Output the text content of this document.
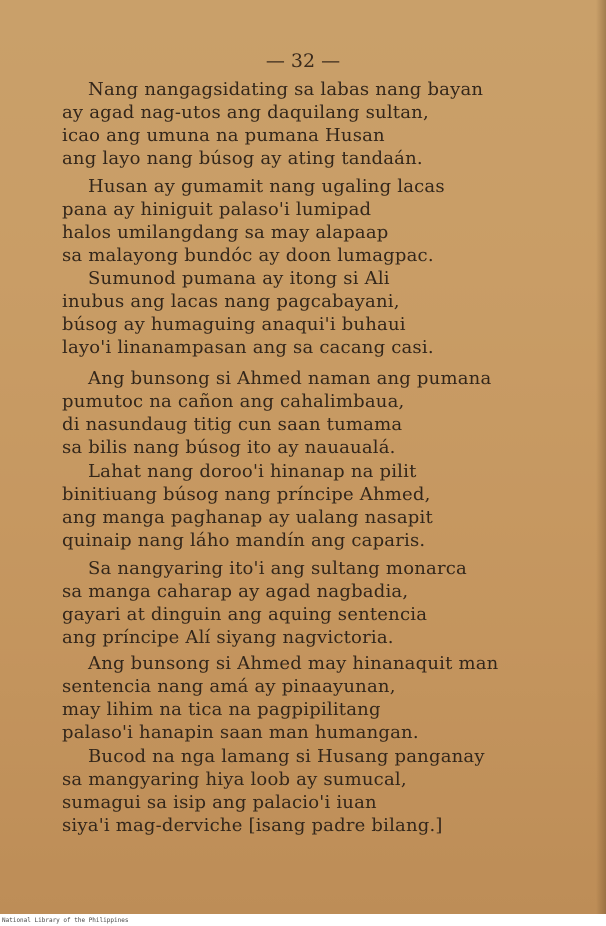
— 32 —
Nang nangagsidating sa labas nang bayan
ay agad nag-utos ang daquilang sultan,
icao ang umuna na pumana Husan
ang layo nang búsog ay ating tandaán.
Husan ay gumamit nang ugaling lacas
pana ay hiniguit palaso'i lumipad
halos umilangdang sa may alapaap
sa malayong bundóc ay doon lumagpac.
Sumunod pumana ay itong si Ali
inubus ang lacas nang pagcabayani,
búsog ay humaguing anaqui'i buhaui
layo'i linanampasan ang sa cacang casi.
Ang bunsong si Ahmed naman ang pumana
pumutoc na cañon ang cahalimbaua,
di nasundaug titig cun saan tumama
sa bilis nang búsog ito ay nauaualá.
Lahat nang doroo'i hinanap na pilit
binitiuang búsog nang príncipe Ahmed,
ang manga paghanap ay ualang nasapit
quinaip nang láho mandín ang caparis.
Sa nangyaring ito'i ang sultang monarca
sa manga caharap ay agad nagbadia,
gayari at dinguin ang aquing sentencia
ang príncipe Alí siyang nagvictoria.
Ang bunsong si Ahmed may hinanaquit man
sentencia nang amá ay pinaayunan,
may lihim na tica na pagpipilitang
palaso'i hanapin saan man humangan.
Bucod na nga lamang si Husang panganay
sa mangyaring hiya loob ay sumucal,
sumagui sa isip ang palacio'i iuan
siya'i mag-derviche [isang padre bilang.]
National Library of the Philippines
